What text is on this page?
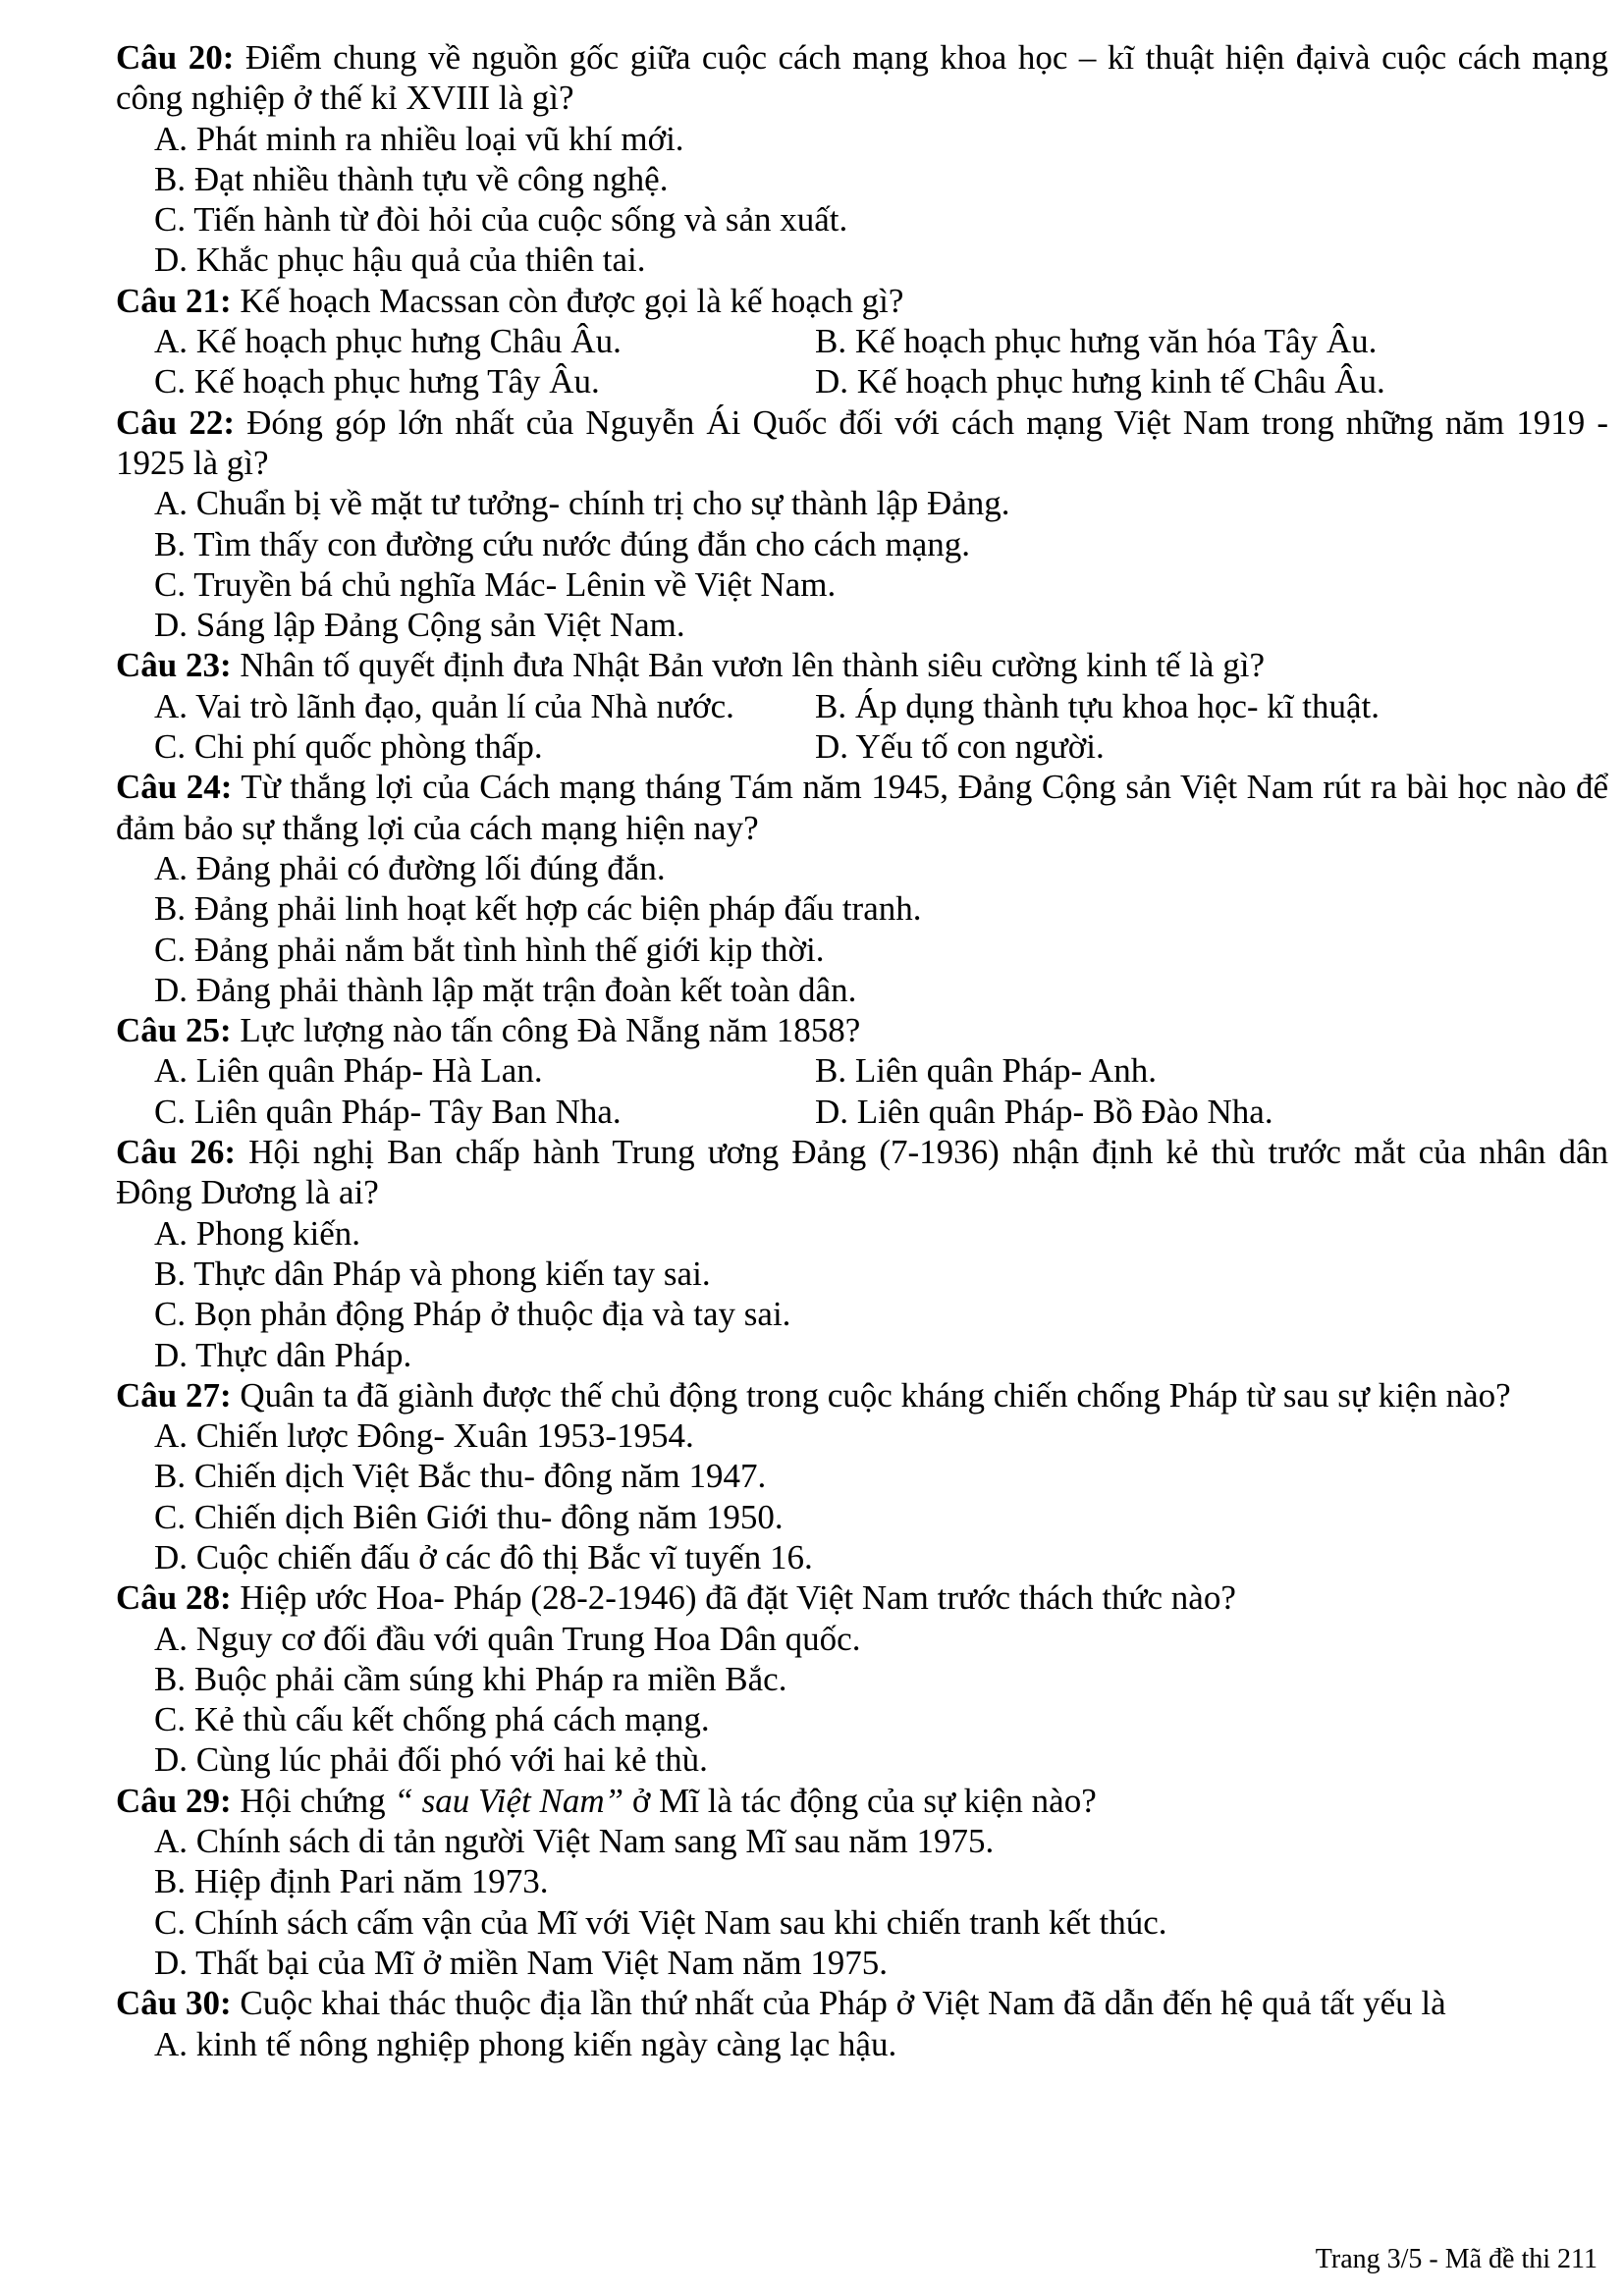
Câu 20: Điểm chung về nguồn gốc giữa cuộc cách mạng khoa học – kĩ thuật hiện đạivà cuộc cách mạng công nghiệp ở thế kỉ XVIII là gì?
A. Phát minh ra nhiều loại vũ khí mới.
B. Đạt nhiều thành tựu về công nghệ.
C. Tiến hành từ đòi hỏi của cuộc sống và sản xuất.
D. Khắc phục hậu quả của thiên tai.
Câu 21: Kế hoạch Macssan còn được gọi là kế hoạch gì?
A. Kế hoạch phục hưng Châu Âu.	B. Kế hoạch phục hưng văn hóa Tây Âu.
C. Kế hoạch phục hưng Tây Âu.	D. Kế hoạch phục hưng kinh tế Châu Âu.
Câu 22: Đóng góp lớn nhất của Nguyễn Ái Quốc đối với cách mạng Việt Nam trong những năm 1919 - 1925 là gì?
A. Chuẩn bị về mặt tư tưởng- chính trị cho sự thành lập Đảng.
B. Tìm thấy con đường cứu nước đúng đắn cho cách mạng.
C. Truyền bá chủ nghĩa Mác- Lênin về Việt Nam.
D. Sáng lập Đảng Cộng sản Việt Nam.
Câu 23: Nhân tố quyết định đưa Nhật Bản vươn lên thành siêu cường kinh tế là gì?
A. Vai trò lãnh đạo, quản lí của Nhà nước.	B. Áp dụng thành tựu khoa học- kĩ thuật.
C. Chi phí quốc phòng thấp.	D. Yếu tố con người.
Câu 24: Từ thắng lợi của Cách mạng tháng Tám năm 1945, Đảng Cộng sản Việt Nam rút ra bài học nào để đảm bảo sự thắng lợi của cách mạng hiện nay?
A. Đảng phải có đường lối đúng đắn.
B. Đảng phải linh hoạt kết hợp các biện pháp đấu tranh.
C. Đảng phải nắm bắt tình hình thế giới kịp thời.
D. Đảng phải thành lập mặt trận đoàn kết toàn dân.
Câu 25: Lực lượng nào tấn công Đà Nẵng năm 1858?
A. Liên quân Pháp- Hà Lan.	B. Liên quân Pháp- Anh.
C. Liên quân Pháp- Tây Ban Nha.	D. Liên quân Pháp- Bồ Đào Nha.
Câu 26: Hội nghị Ban chấp hành Trung ương Đảng (7-1936) nhận định kẻ thù trước mắt của nhân dân Đông Dương là ai?
A. Phong kiến.
B. Thực dân Pháp và phong kiến tay sai.
C. Bọn phản động Pháp ở thuộc địa và tay sai.
D. Thực dân Pháp.
Câu 27: Quân ta đã giành được thế chủ động trong cuộc kháng chiến chống Pháp từ sau sự kiện nào?
A. Chiến lược Đông- Xuân 1953-1954.
B. Chiến dịch Việt Bắc thu- đông năm 1947.
C. Chiến dịch Biên Giới thu- đông năm 1950.
D. Cuộc chiến đấu ở các đô thị Bắc vĩ tuyến 16.
Câu 28: Hiệp ước Hoa- Pháp (28-2-1946) đã đặt Việt Nam trước thách thức nào?
A. Nguy cơ đối đầu với quân Trung Hoa Dân quốc.
B. Buộc phải cầm súng khi Pháp ra miền Bắc.
C. Kẻ thù cấu kết chống phá cách mạng.
D. Cùng lúc phải đối phó với hai kẻ thù.
Câu 29: Hội chứng “ sau Việt Nam” ở Mĩ là tác động của sự kiện nào?
A. Chính sách di tản người Việt Nam sang Mĩ sau năm 1975.
B. Hiệp định Pari năm 1973.
C. Chính sách cấm vận của Mĩ với Việt Nam sau khi chiến tranh kết thúc.
D. Thất bại của Mĩ ở miền Nam Việt Nam năm 1975.
Câu 30: Cuộc khai thác thuộc địa lần thứ nhất của Pháp ở Việt Nam đã dẫn đến hệ quả tất yếu là
A. kinh tế nông nghiệp phong kiến ngày càng lạc hậu.
Trang 3/5 - Mã đề thi 211
